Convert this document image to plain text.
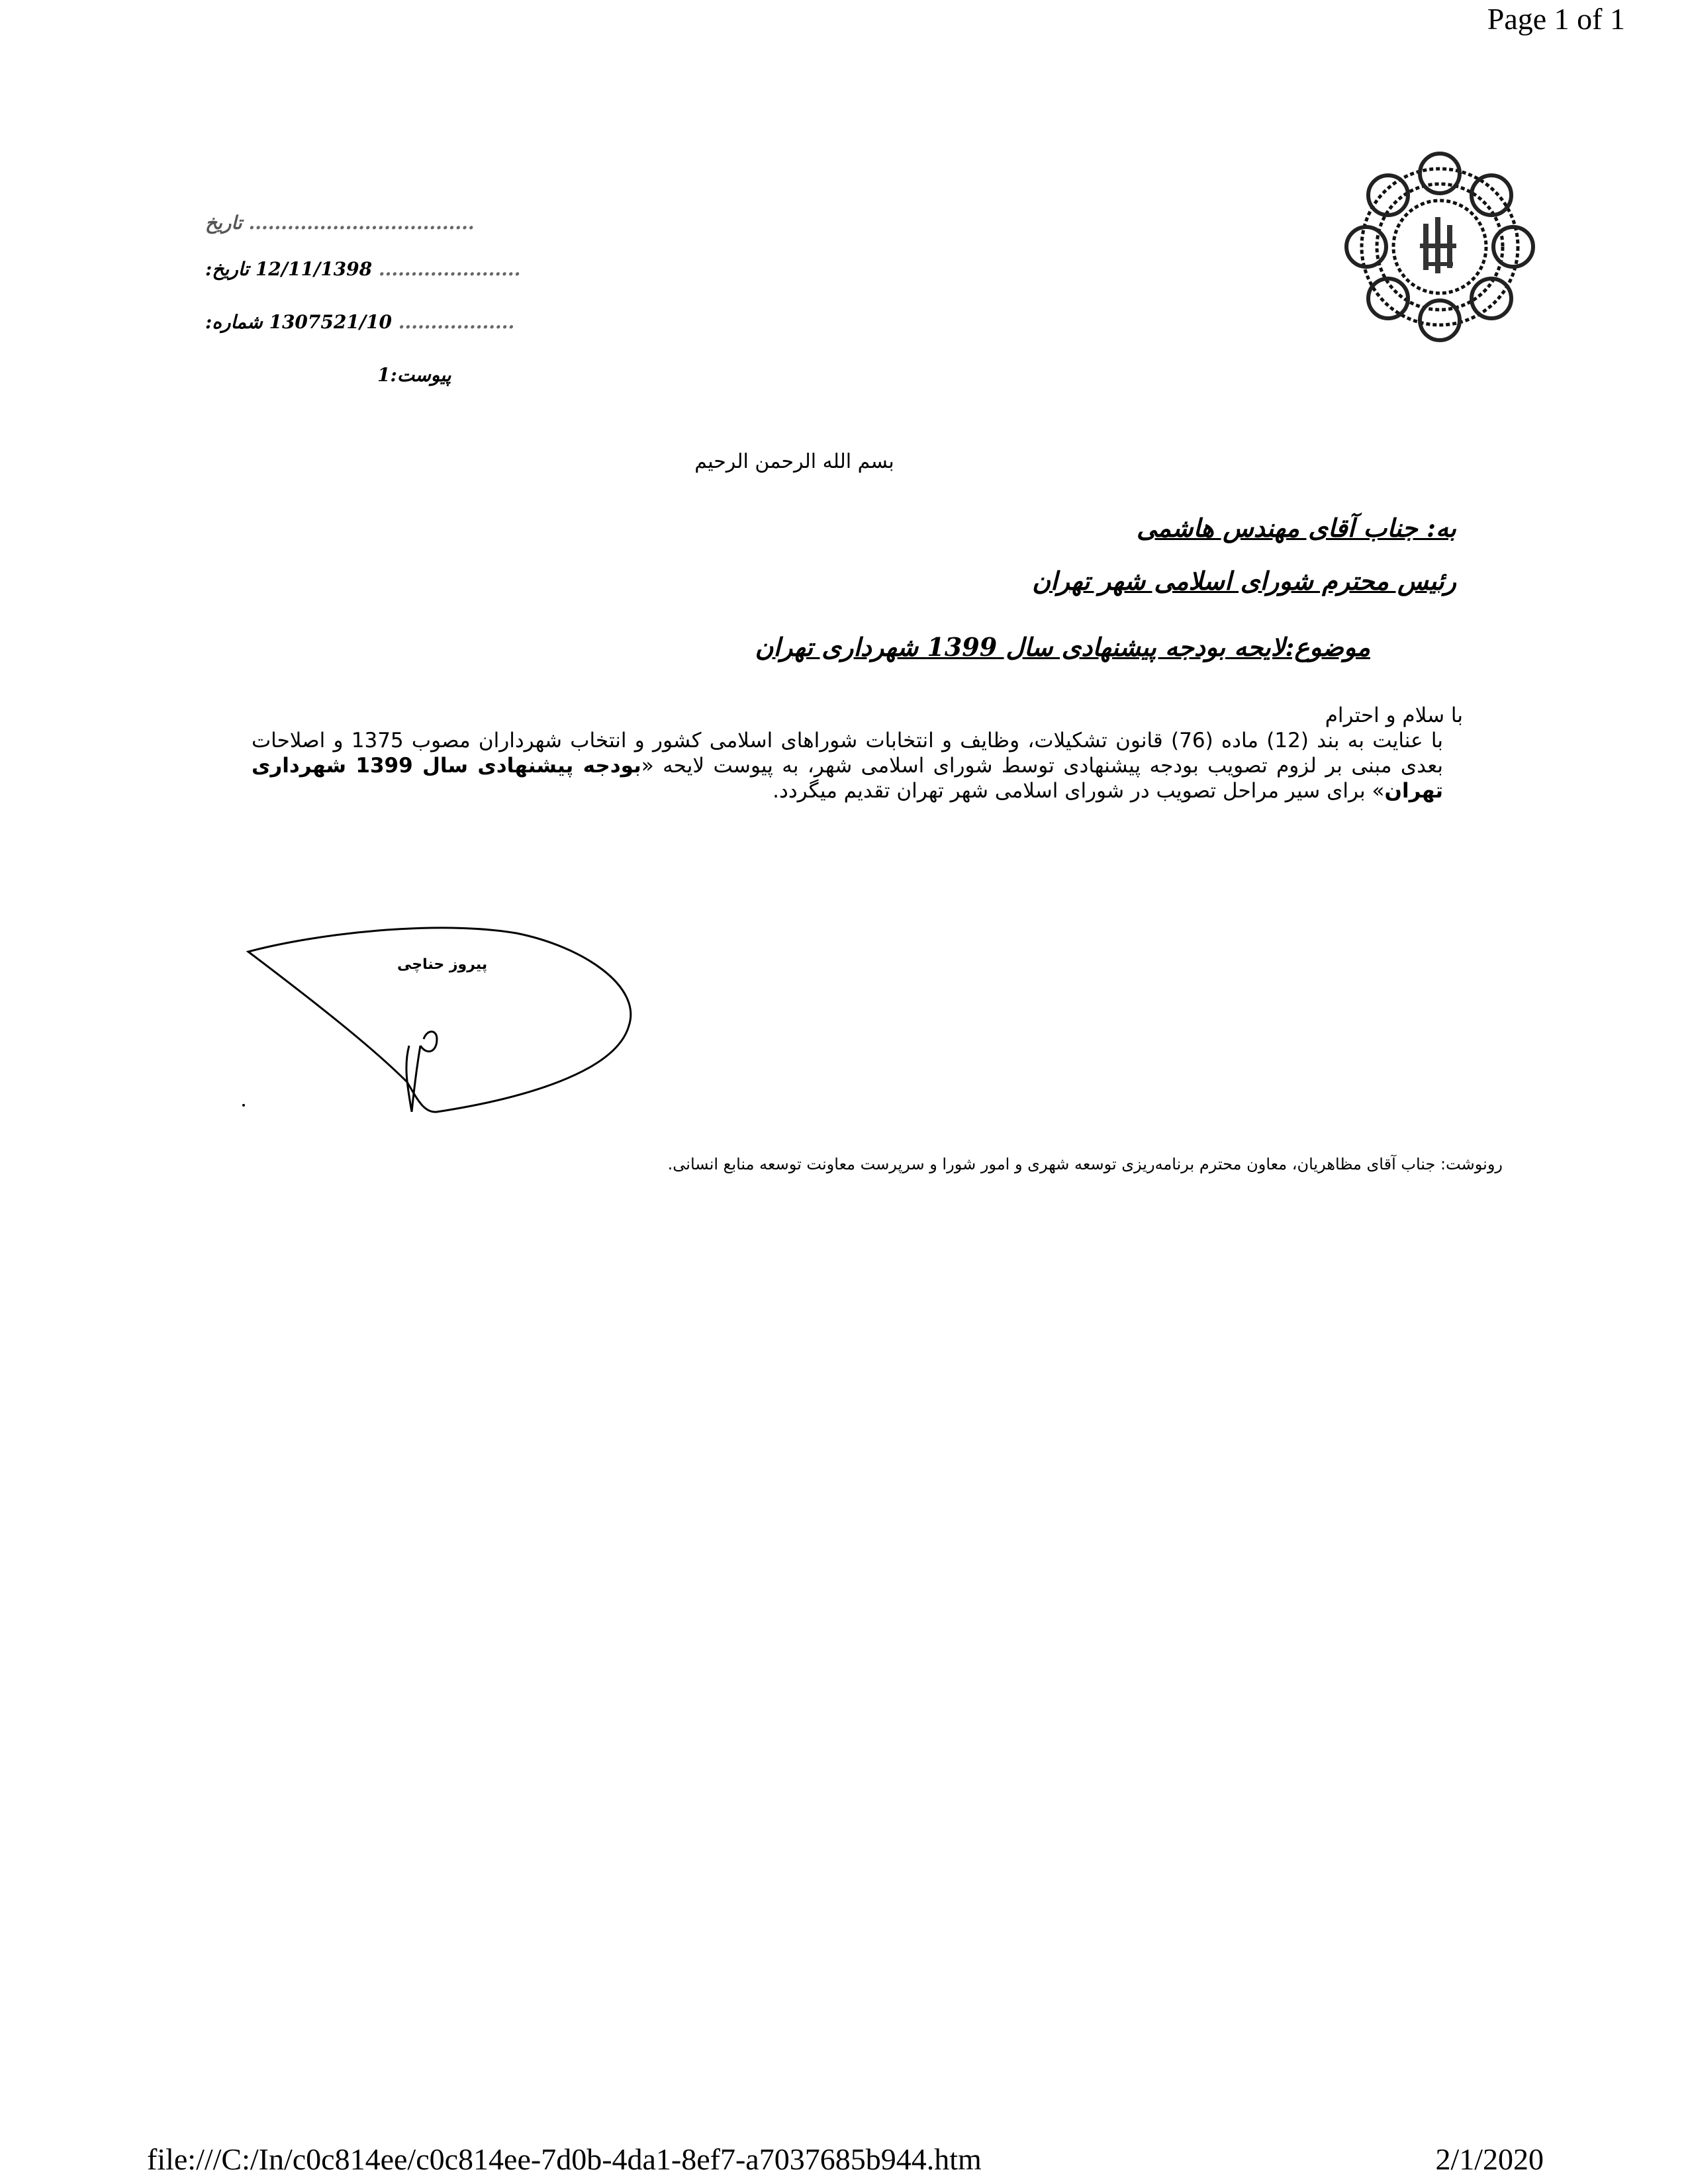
Page 1 of 1
................................... تاریخ
...................... 12/11/1398 تاریخ:
.................. 1307521/10 شماره:
پیوست:1
بسم الله الرحمن الرحیم
به: جناب آقای مهندس هاشمی
رئیس محترم شورای اسلامی شهر تهران
موضوع:لایحه بودجه پیشنهادی سال 1399 شهرداری تهران

با سلام و احترام

با عنایت به بند (12) ماده (76) قانون تشکیلات، وظایف و انتخابات شوراهای اسلامی کشور و انتخاب شهرداران مصوب 1375 و اصلاحات بعدی مبنی بر لزوم تصویب بودجه پیشنهادی توسط شورای اسلامی شهر، به پیوست لایحه «بودجه پیشنهادی سال 1399 شهرداری تهران» برای سیر مراحل تصویب در شورای اسلامی شهر تهران تقدیم میگردد.

پیروز حناچی
رونوشت: جناب آقای مظاهریان، معاون محترم برنامه‌ریزی توسعه شهری و امور شورا و سرپرست معاونت توسعه منابع انسانی.
file:///C:/In/c0c814ee/c0c814ee-7d0b-4da1-8ef7-a7037685b944.htm	2/1/2020
